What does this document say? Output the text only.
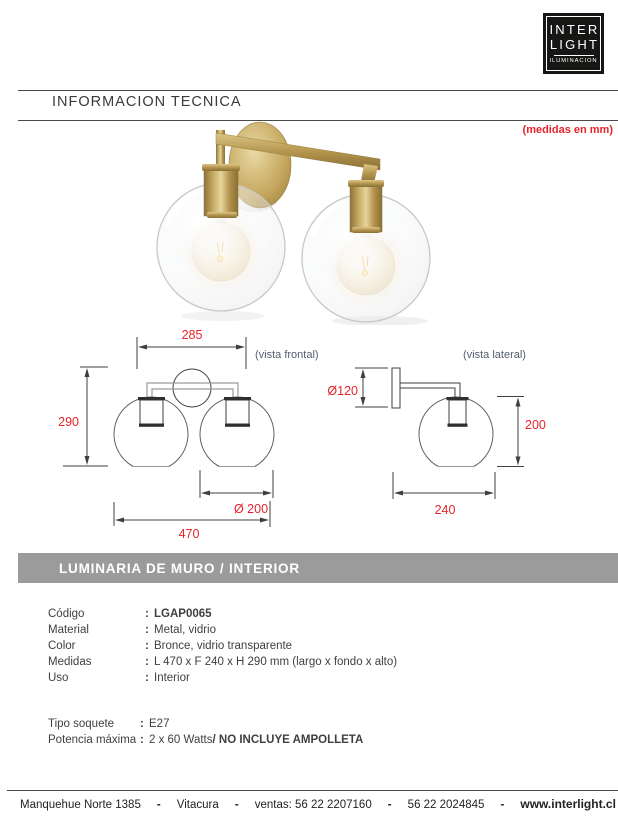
INTER
LIGHT
ILUMINACION
INFORMACION TECNICA
(medidas en mm)
285
(vista frontal)
290
Ø 200
470
(vista lateral)
Ø120
200
240
LUMINARIA DE MURO / INTERIOR
Código	: LGAP0065
Material	: Metal, vidrio
Color	: Bronce, vidrio transparente
Medidas	: L 470 x F 240 x H 290 mm (largo x fondo x alto)
Uso	: Interior
Tipo soquete	: E27
Potencia máxima : 2 x 60 Watts / NO INCLUYE AMPOLLETA
Manquehue Norte 1385 - Vitacura - ventas: 56 22 2207160 - 56 22 2024845 - www.interlight.cl
